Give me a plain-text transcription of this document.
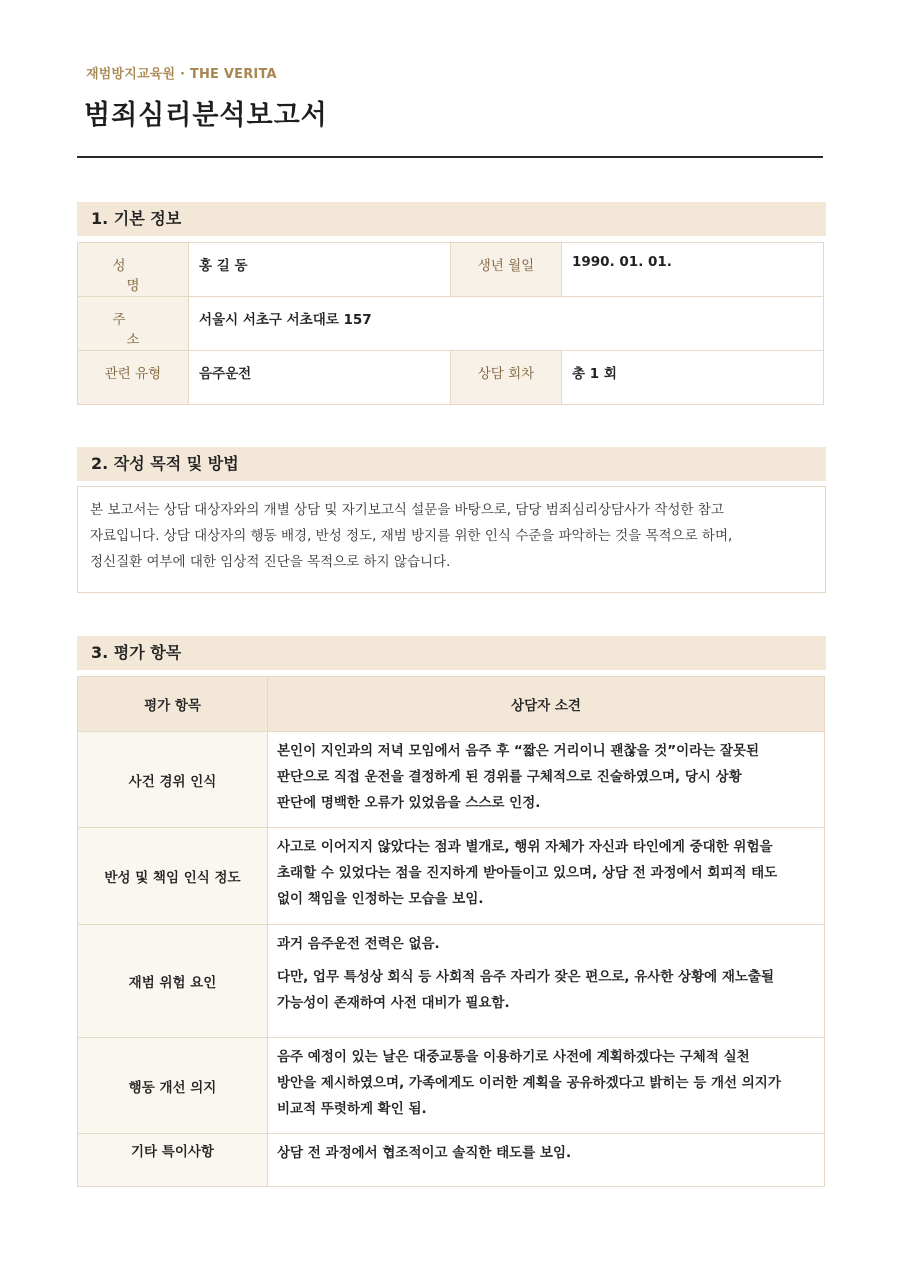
재범방지교육원 · THE VERITA
범죄심리분석보고서
1. 기본 정보
성 명	홍 길 동	생년 월일	1990. 01. 01.
주 소	서울시 서초구 서초대로 157		
관련 유형	음주운전	상담 회차	총 1 회
2. 작성 목적 및 방법
본 보고서는 상담 대상자와의 개별 상담 및 자기보고식 설문을 바탕으로, 담당 범죄심리상담사가 작성한 참고
자료입니다. 상담 대상자의 행동 배경, 반성 정도, 재범 방지를 위한 인식 수준을 파악하는 것을 목적으로 하며,
정신질환 여부에 대한 임상적 진단을 목적으로 하지 않습니다.
3. 평가 항목
평가 항목	상담자 소견
사건 경위 인식	본인이 지인과의 저녁 모임에서 음주 후 “짧은 거리이니 괜찮을 것”이라는 잘못된
판단으로 직접 운전을 결정하게 된 경위를 구체적으로 진술하였으며, 당시 상황
판단에 명백한 오류가 있었음을 스스로 인정.

반성 및 책임 인식 정도	사고로 이어지지 않았다는 점과 별개로, 행위 자체가 자신과 타인에게 중대한 위험을
초래할 수 있었다는 점을 진지하게 받아들이고 있으며, 상담 전 과정에서 회피적 태도
없이 책임을 인정하는 모습을 보임.

재범 위험 요인	과거 음주운전 전력은 없음.

다만, 업무 특성상 회식 등 사회적 음주 자리가 잦은 편으로, 유사한 상황에 재노출될
가능성이 존재하여 사전 대비가 필요함.

행동 개선 의지	음주 예정이 있는 날은 대중교통을 이용하기로 사전에 계획하겠다는 구체적 실천
방안을 제시하였으며, 가족에게도 이러한 계획을 공유하겠다고 밝히는 등 개선 의지가
비교적 뚜렷하게 확인 됨.

기타 특이사항	상담 전 과정에서 협조적이고 솔직한 태도를 보임.
